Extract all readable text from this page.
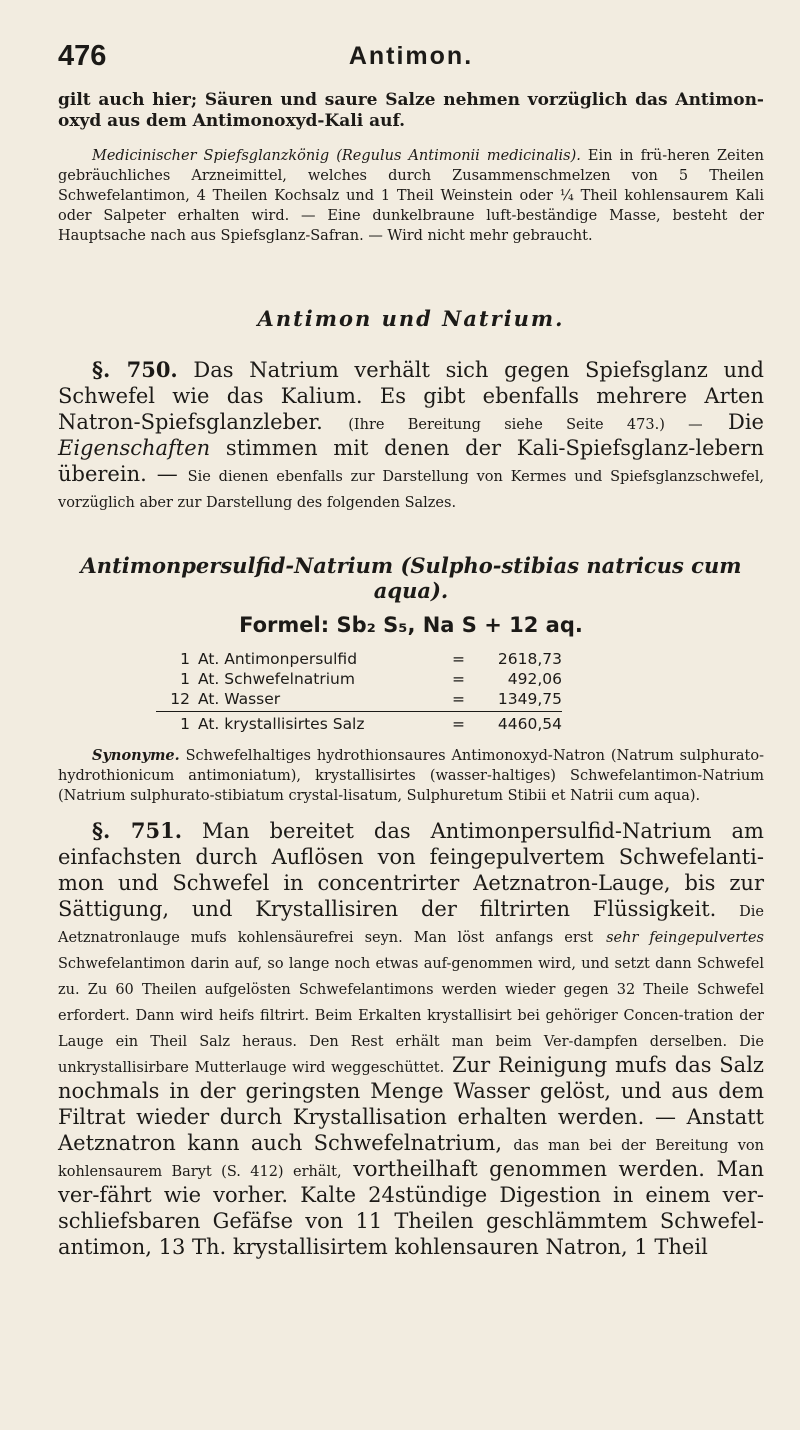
476	Antimon.

gilt auch hier; Säuren und saure Salze nehmen vorzüglich das Antimon-oxyd aus dem Antimonoxyd-Kali auf.

Medicinischer Spiefsglanzkönig (Regulus Antimonii medicinalis). Ein in frü-heren Zeiten gebräuchliches Arzneimittel, welches durch Zusammenschmelzen von 5 Theilen Schwefelantimon, 4 Theilen Kochsalz und 1 Theil Weinstein oder ¼ Theil kohlensaurem Kali oder Salpeter erhalten wird. — Eine dunkelbraune luft-beständige Masse, besteht der Hauptsache nach aus Spiefsglanz-Safran. — Wird nicht mehr gebraucht.

Antimon und Natrium.

§. 750. Das Natrium verhält sich gegen Spiefsglanz und Schwefel wie das Kalium. Es gibt ebenfalls mehrere Arten Natron-Spiefsglanzleber. (Ihre Bereitung siehe Seite 473.) — Die Eigenschaften stimmen mit denen der Kali-Spiefsglanz-lebern überein. — Sie dienen ebenfalls zur Darstellung von Kermes und Spiefsglanzschwefel, vorzüglich aber zur Darstellung des folgenden Salzes.

Antimonpersulfid-Natrium (Sulpho-stibias natricus cum aqua).
Formel: Sb₂ S₅, Na S + 12 aq.
1 At. Antimonpersulfid	=	2618,73
1 At. Schwefelnatrium	=	492,06
12 At. Wasser	=	1349,75
1 At. krystallisirtes Salz	=	4460,54

Synonyme. Schwefelhaltiges hydrothionsaures Antimonoxyd-Natron (Natrum sulphurato-hydrothionicum antimoniatum), krystallisirtes (wasser-haltiges) Schwefelantimon-Natrium (Natrium sulphurato-stibiatum crystal-lisatum, Sulphuretum Stibii et Natrii cum aqua).

§. 751. Man bereitet das Antimonpersulfid-Natrium am einfachsten durch Auflösen von feingepulvertem Schwefelanti-mon und Schwefel in concentrirter Aetznatron-Lauge, bis zur Sättigung, und Krystallisiren der filtrirten Flüssigkeit. Die Aetznatronlauge mufs kohlensäurefrei seyn. Man löst anfangs erst sehr feingepulvertes Schwefelantimon darin auf, so lange noch etwas auf-genommen wird, und setzt dann Schwefel zu. Zu 60 Theilen aufgelösten Schwefelantimons werden wieder gegen 32 Theile Schwefel erfordert. Dann wird heifs filtrirt. Beim Erkalten krystallisirt bei gehöriger Concen-tration der Lauge ein Theil Salz heraus. Den Rest erhält man beim Ver-dampfen derselben. Die unkrystallisirbare Mutterlauge wird weggeschüttet. Zur Reinigung mufs das Salz nochmals in der geringsten Menge Wasser gelöst, und aus dem Filtrat wieder durch Krystallisation erhalten werden. — Anstatt Aetznatron kann auch Schwefelnatrium, das man bei der Bereitung von kohlensaurem Baryt (S. 412) erhält, vortheilhaft genommen werden. Man ver-fährt wie vorher. Kalte 24stündige Digestion in einem ver-schliefsbaren Gefäfse von 11 Theilen geschlämmtem Schwefel-antimon, 13 Th. krystallisirtem kohlensauren Natron, 1 Theil
